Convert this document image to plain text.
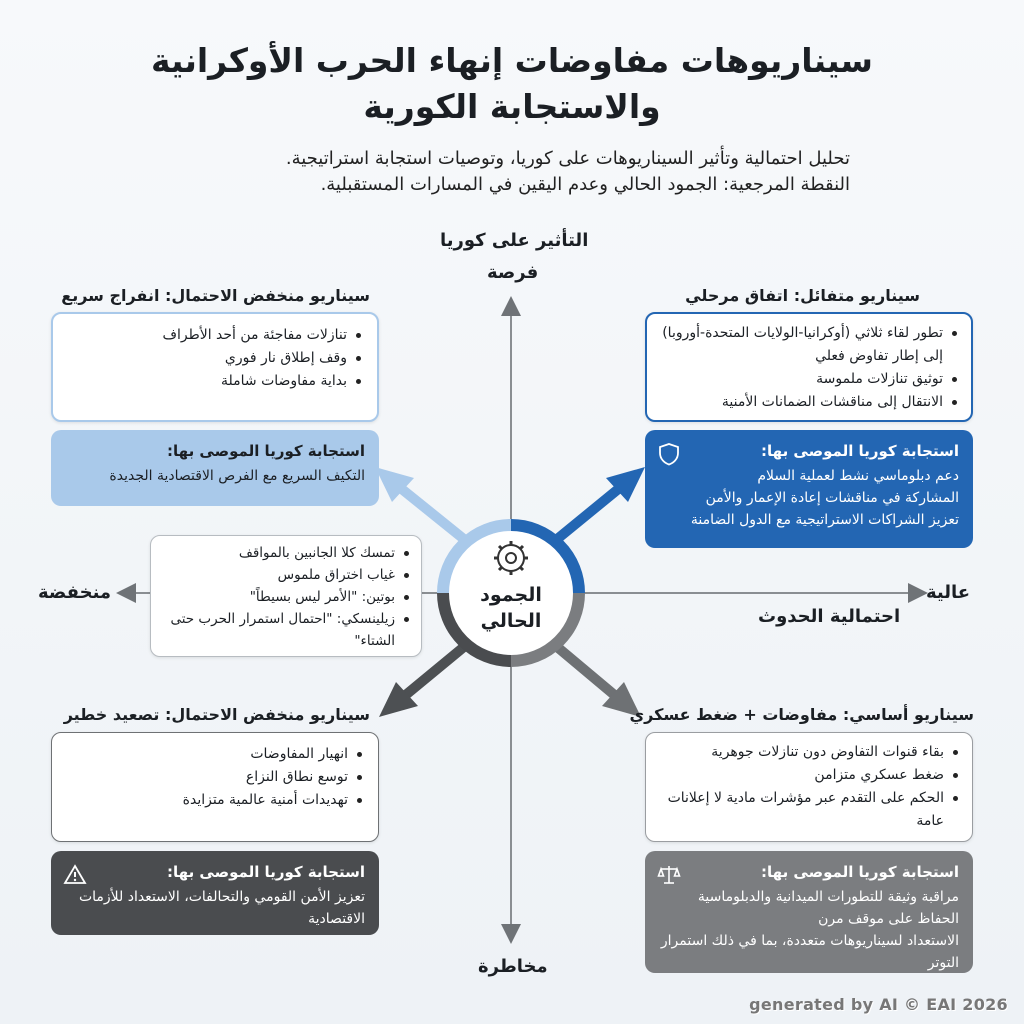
سيناريوهات مفاوضات إنهاء الحرب الأوكرانية
والاستجابة الكورية
تحليل احتمالية وتأثير السيناريوهات على كوريا، وتوصيات استجابة استراتيجية.
النقطة المرجعية: الجمود الحالي وعدم اليقين في المسارات المستقبلية.
التأثير على كوريا
فرصة
مخاطرة
عالية
منخفضة
احتمالية الحدوث
الجمود
الحالي
تمسك كلا الجانبين بالمواقف
غياب اختراق ملموس
بوتين: "الأمر ليس بسيطاً"
زيلينسكي: "احتمال استمرار الحرب حتى الشتاء"
سيناريو متفائل: اتفاق مرحلي
تطور لقاء ثلاثي (أوكرانيا-الولايات المتحدة-أوروبا) إلى إطار تفاوض فعلي
توثيق تنازلات ملموسة
الانتقال إلى مناقشات الضمانات الأمنية
استجابة كوريا الموصى بها:
دعم دبلوماسي نشط لعملية السلام
المشاركة في مناقشات إعادة الإعمار والأمن
تعزيز الشراكات الاستراتيجية مع الدول الضامنة
سيناريو منخفض الاحتمال: انفراج سريع
تنازلات مفاجئة من أحد الأطراف
وقف إطلاق نار فوري
بداية مفاوضات شاملة
استجابة كوريا الموصى بها:
التكيف السريع مع الفرص الاقتصادية الجديدة
سيناريو أساسي: مفاوضات + ضغط عسكري
بقاء قنوات التفاوض دون تنازلات جوهرية
ضغط عسكري متزامن
الحكم على التقدم عبر مؤشرات مادية لا إعلانات عامة
استجابة كوريا الموصى بها:
مراقبة وثيقة للتطورات الميدانية والدبلوماسية
الحفاظ على موقف مرن
الاستعداد لسيناريوهات متعددة، بما في ذلك استمرار التوتر
سيناريو منخفض الاحتمال: تصعيد خطير
انهيار المفاوضات
توسع نطاق النزاع
تهديدات أمنية عالمية متزايدة
استجابة كوريا الموصى بها:
تعزيز الأمن القومي والتحالفات، الاستعداد للأزمات الاقتصادية
generated by AI © EAI 2026
